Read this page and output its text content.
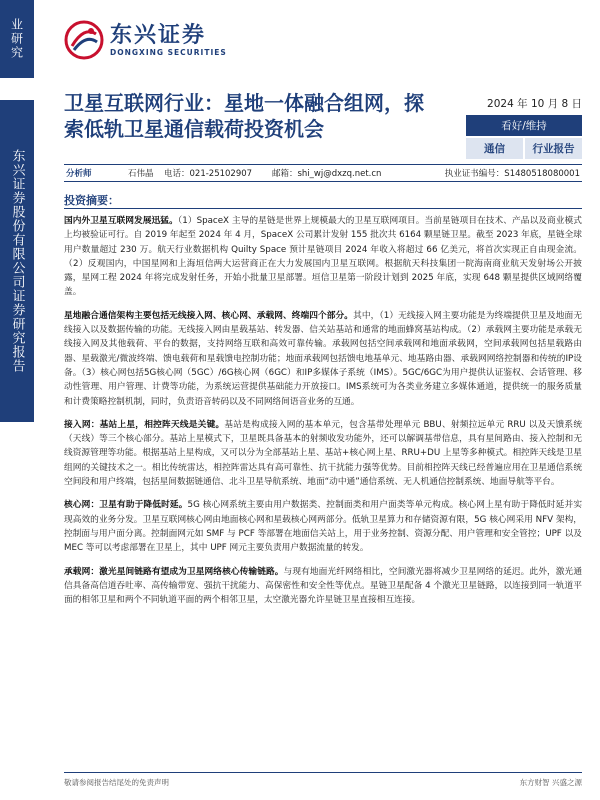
业研究
东兴证券股份有限公司证券研究报告
东兴证券
DONGXING SECURITIES
卫星互联网行业：星地一体融合组网，探索低轨卫星通信载荷投资机会
2024 年 10 月 8 日
看好/维持
通信	行业报告
分析师	石伟晶	电话：021-25102907	邮箱：shi_wj@dxzq.net.cn	执业证书编号：S1480518080001
投资摘要：

国内外卫星互联网发展迅猛。（1）SpaceX 主导的星链是世界上规模最大的卫星互联网项目。当前星链项目在技术、产品以及商业模式上均被验证可行。自 2019 年起至 2024 年 4 月，SpaceX 公司累计发射 155 批次共 6164 颗星链卫星。截至 2023 年底，星链全球用户数量超过 230 万。航天行业数据机构 Quilty Space 预计星链项目 2024 年收入将超过 66 亿美元，将首次实现正自由现金流。（2）反观国内，中国星网和上海垣信两大运营商正在大力发展国内卫星互联网。根据航天科技集团一院海南商业航天发射场公开披露，星网工程 2024 年将完成发射任务，开始小批量卫星部署。垣信卫星第一阶段计划到 2025 年底，实现 648 颗星提供区域网络覆盖。

星地融合通信架构主要包括无线接入网、核心网、承载网、终端四个部分。其中，（1）无线接入网主要功能是为终端提供卫星及地面无线接入以及数据传输的功能。无线接入网由星载基站、转发器、信关站基站和通常的地面蜂窝基站构成。（2）承载网主要功能是承载无线接入网及其他载荷、平台的数据，支持网络互联和高效可靠传输。承载网包括空间承载网和地面承载网，空间承载网包括星载路由器、星载激光/微波终端、馈电载荷和星载馈电控制功能；地面承载网包括馈电地基单元、地基路由器、承载网网络控制器和传统的IP设备。（3）核心网包括5G核心网（5GC）/6G核心网（6GC）和IP多媒体子系统（IMS）。5GC/6GC为用户提供认证鉴权、会话管理、移动性管理、用户管理、计费等功能，为系统运营提供基础能力开放接口。IMS系统可为各类业务建立多媒体通道，提供统一的服务质量和计费策略控制机制，同时，负责语音转码以及不同网络间语音业务的互通。

接入网：基站上星，相控阵天线是关键。基站是构成接入网的基本单元，包含基带处理单元 BBU、射频拉远单元 RRU 以及天馈系统（天线）等三个核心部分。基站上星模式下，卫星既具备基本的射频收发功能外，还可以解调基带信息，具有星间路由、接入控制和无线资源管理等功能。根据基站上星构成，又可以分为全部基站上星、基站+核心网上星、RRU+DU 上星等多种模式。相控阵天线是卫星组网的关键技术之一。相比传统雷达，相控阵雷达具有高可靠性、抗干扰能力强等优势。目前相控阵天线已经普遍应用在卫星通信系统空间段和用户终端，包括星间数据链通信、北斗卫星导航系统、地面“动中通”通信系统、无人机通信控制系统、地面导航等平台。

核心网：卫星有助于降低时延。5G 核心网系统主要由用户数据类、控制面类和用户面类等单元构成。核心网上星有助于降低时延并实现高效的业务分发。卫星互联网核心网由地面核心网和星载核心网两部分。低轨卫星算力和存储资源有限，5G 核心网采用 NFV 架构，控制面与用户面分离。控制面网元如 SMF 与 PCF 等部署在地面信关站上，用于业务控制、资源分配、用户管理和安全管控；UPF 以及 MEC 等可以考虑部署在卫星上，其中 UPF 网元主要负责用户数据流量的转发。

承载网：激光星间链路有望成为卫星网络核心传输链路。与现有地面光纤网络相比，空间激光器将减少卫星网络的延迟。此外，激光通信具备高信道吞吐率、高传输带宽、强抗干扰能力、高保密性和安全性等优点。星链卫星配备 4 个激光卫星链路，以连接到同一轨道平面的相邻卫星和两个不同轨道平面的两个相邻卫星，太空激光器允许星链卫星直接相互连接。

敬请参阅报告结尾处的免责声明	东方财智 兴盛之源
